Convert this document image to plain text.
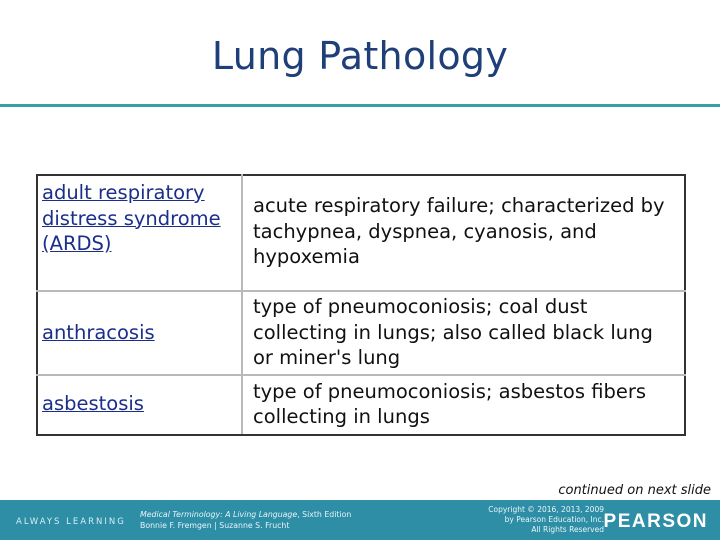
Lung Pathology
adult respiratory distress syndrome (ARDS)	acute respiratory failure; characterized by tachypnea, dyspnea, cyanosis, and hypoxemia
anthracosis	type of pneumoconiosis; coal dust collecting in lungs; also called black lung or miner's lung
asbestosis	type of pneumoconiosis; asbestos fibers collecting in lungs
continued on next slide
ALWAYS LEARNING
Medical Terminology: A Living Language, Sixth Edition
Bonnie F. Fremgen | Suzanne S. Frucht
Copyright © 2016, 2013, 2009
by Pearson Education, Inc.
All Rights Reserved PEARSON
